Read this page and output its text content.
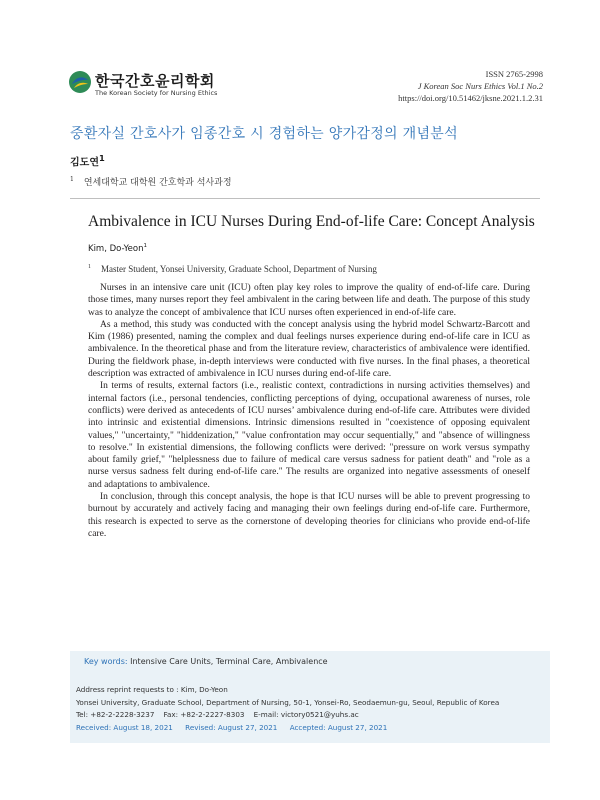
한국간호윤리학회
The Korean Society for Nursing Ethics
ISSN 2765-2998
J Korean Soc Nurs Ethics Vol.1 No.2
https://doi.org/10.51462/jksne.2021.1.2.31
중환자실 간호사가 임종간호 시 경험하는 양가감정의 개념분석
김도연$^1$
$^1$ 연세대학교 대학원 간호학과 석사과정
Ambivalence in ICU Nurses During End-of-life Care: Concept Analysis
Kim, Do-Yeon$^1$
$^1$ Master Student, Yonsei University, Graduate School, Department of Nursing

Nurses in an intensive care unit (ICU) often play key roles to improve the quality of end-of-life care. During those times, many nurses report they feel ambivalent in the caring between life and death. The purpose of this study was to analyze the concept of ambivalence that ICU nurses often experienced in end-of-life care.

As a method, this study was conducted with the concept analysis using the hybrid model Schwartz-Barcott and Kim (1986) presented, naming the complex and dual feelings nurses experience during end-of-life care in ICU as ambivalence. In the theoretical phase and from the literature review, characteristics of ambivalence were identified. During the fieldwork phase, in-depth interviews were conducted with five nurses. In the final phases, a theoretical description was extracted of ambivalence in ICU nurses during end-of-life care.

In terms of results, external factors (i.e., realistic context, contradictions in nursing activities themselves) and internal factors (i.e., personal tendencies, conflicting perceptions of dying, occupational awareness of nurses, role conflicts) were derived as antecedents of ICU nurses’ ambivalence during end-of-life care. Attributes were divided into intrinsic and existential dimensions. Intrinsic dimensions resulted in "coexistence of opposing equivalent values," "uncertainty," "hiddenization," "value confrontation may occur sequentially," and "absence of willingness to resolve." In existential dimensions, the following conflicts were derived: "pressure on work versus sympathy about family grief," "helplessness due to failure of medical care versus sadness for patient death" and "role as a nurse versus sadness felt during end-of-life care." The results are organized into negative assessments of oneself and adaptations to ambivalence.

In conclusion, through this concept analysis, the hope is that ICU nurses will be able to prevent progressing to burnout by accurately and actively facing and managing their own feelings during end-of-life care. Furthermore, this research is expected to serve as the cornerstone of developing theories for clinicians who provide end-of-life care.

Key words: Intensive Care Units, Terminal Care, Ambivalence
Address reprint requests to : Kim, Do-Yeon
Yonsei University, Graduate School, Department of Nursing, 50-1, Yonsei-Ro, Seodaemun-gu, Seoul, Republic of Korea
Tel: +82-2-2228-3237    Fax: +82-2-2227-8303    E-mail: victory0521@yuhs.ac
Received: August 18, 2021 Revised: August 27, 2021 Accepted: August 27, 2021
